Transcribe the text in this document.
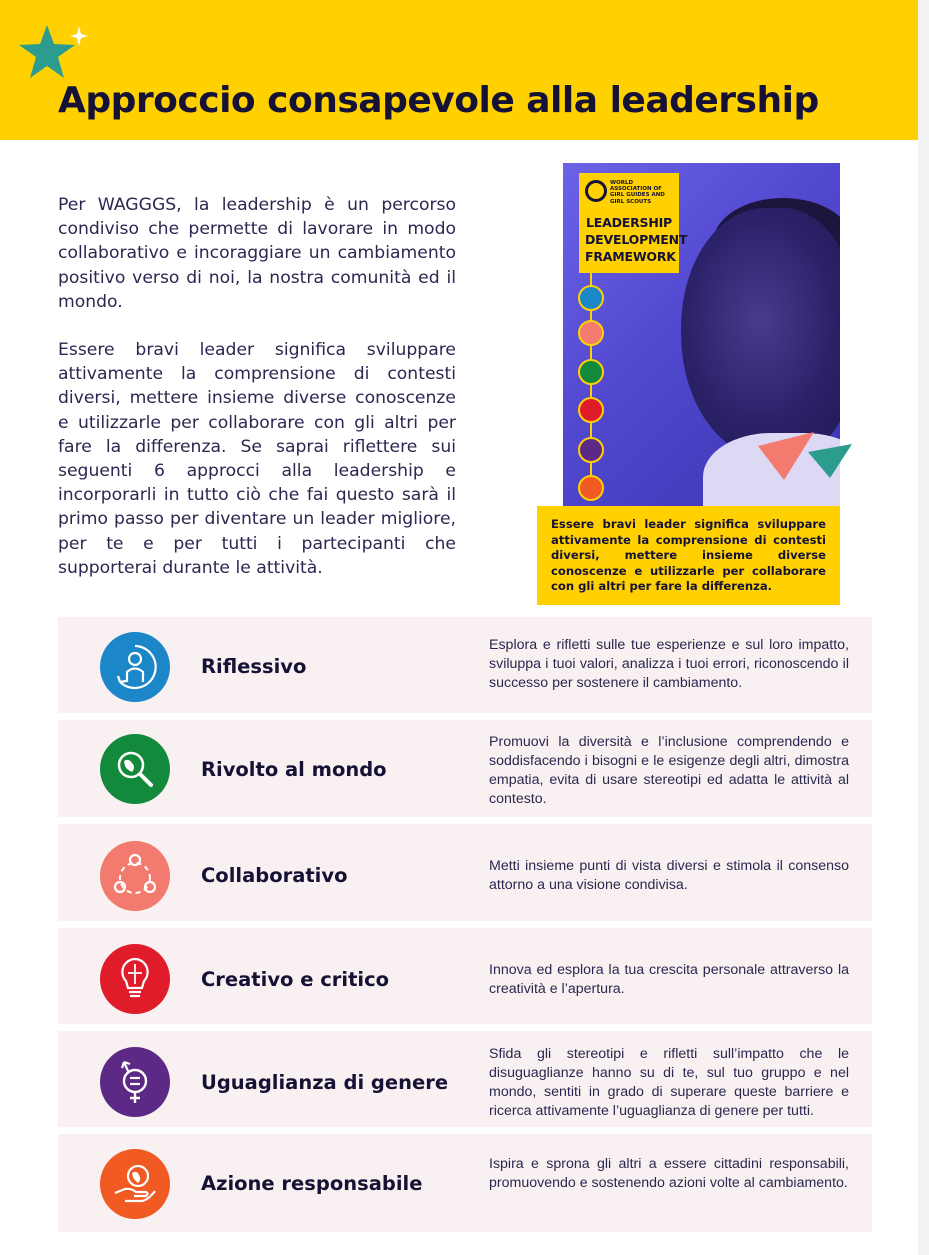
Approccio consapevole alla leadership

Per WAGGGS, la leadership è un percorso condiviso che permette di lavorare in modo collaborativo e incoraggiare un cambiamento positivo verso di noi, la nostra comunità ed il mondo.

Essere bravi leader significa sviluppare attivamente la comprensione di contesti diversi, mettere insieme diverse conoscenze e utilizzarle per collaborare con gli altri per fare la differenza. Se saprai riflettere sui seguenti 6 approcci alla leadership e incorporarli in tutto ciò che fai questo sarà il primo passo per diventare un leader migliore, per te e per tutti i partecipanti che supporterai durante le attività.

WORLD ASSOCIATION OF GIRL GUIDES AND GIRL SCOUTS
LEADERSHIP DEVELOPMENT FRAMEWORK
Essere bravi leader significa sviluppare attivamente la comprensione di contesti diversi, mettere insieme diverse conoscenze e utilizzarle per collaborare con gli altri per fare la differenza.
Riflessivo
Esplora e rifletti sulle tue esperienze e sul loro impatto, sviluppa i tuoi valori, analizza i tuoi errori, riconoscendo il successo per sostenere il cambiamento.
Rivolto al mondo
Promuovi la diversità e l’inclusione comprendendo e soddisfacendo i bisogni e le esigenze degli altri, dimostra empatia, evita di usare stereotipi ed adatta le attività al contesto.
Collaborativo	Metti insieme punti di vista diversi e stimola il consenso attorno a una visione condivisa.
Creativo e critico	Innova ed esplora la tua crescita personale attraverso la creatività e l’apertura.
Uguaglianza di genere
Sfida gli stereotipi e rifletti sull’impatto che le disuguaglianze hanno su di te, sul tuo gruppo e nel mondo, sentiti in grado di superare queste barriere e ricerca attivamente l’uguaglianza di genere per tutti.
Azione responsabile
Ispira e sprona gli altri a essere cittadini responsabili, promuovendo e sostenendo azioni volte al cambiamento.
